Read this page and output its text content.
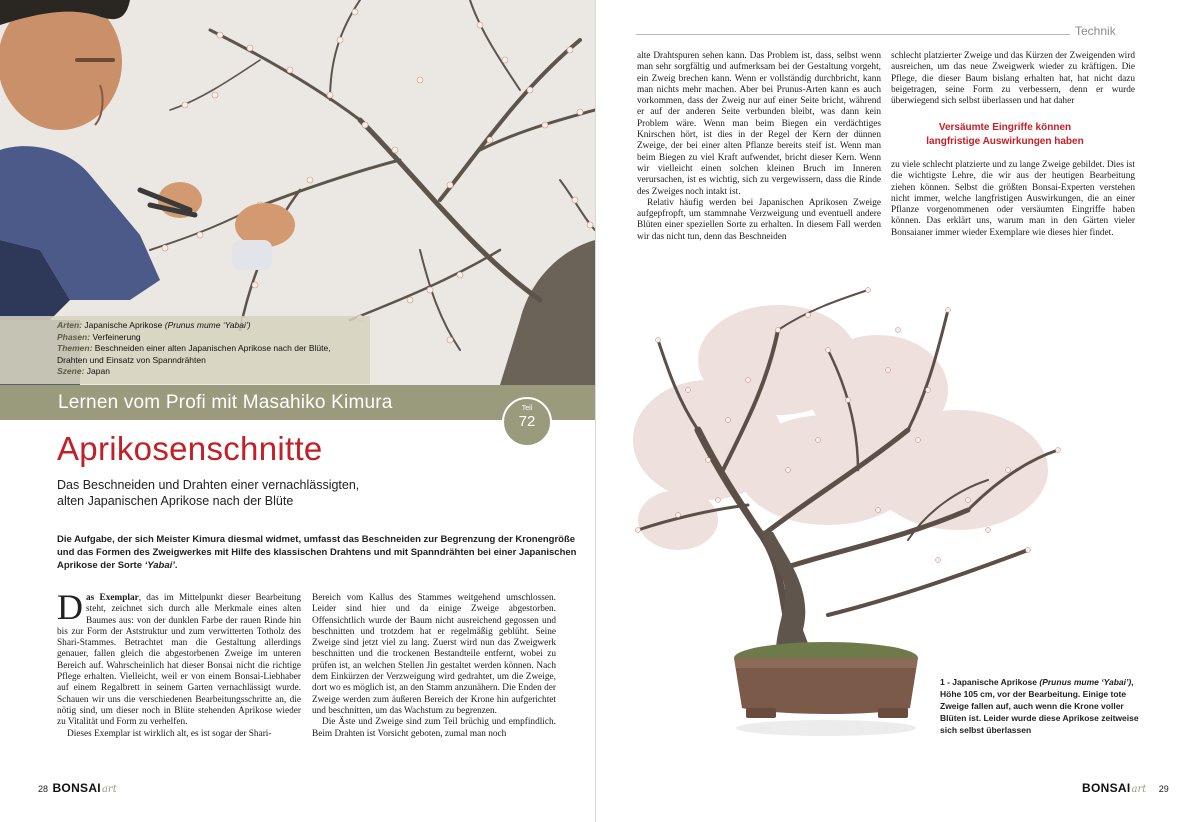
Arten: Japanische Aprikose (Prunus mume ‘Yabai’)
Phasen: Verfeinerung
Themen: Beschneiden einer alten Japanischen Aprikose nach der Blüte,
Drahten und Einsatz von Spanndrähten
Szene: Japan
Lernen vom Profi mit Masahiko Kimura	Teil
72
Aprikosenschnitte
Das Beschneiden und Drahten einer vernachlässigten,
alten Japanischen Aprikose nach der Blüte
Die Aufgabe, der sich Meister Kimura diesmal widmet, umfasst das Beschneiden zur Begrenzung der Kronengröße und das Formen des Zweigwerkes mit Hilfe des klassischen Drahtens und mit Spanndrähten bei einer Japanischen Aprikose der Sorte ‘Yabai’.

Das Exemplar, das im Mittelpunkt dieser Bearbeitung steht, zeichnet sich durch alle Merkmale eines alten Baumes aus: von der dunklen Farbe der rauen Rinde hin bis zur Form der Aststruktur und zum verwitterten Totholz des Shari-Stammes. Betrachtet man die Gestaltung allerdings genauer, fallen gleich die abgestorbenen Zweige im unteren Bereich auf. Wahrscheinlich hat dieser Bonsai nicht die richtige Pflege erhalten. Vielleicht, weil er von einem Bonsai-Liebhaber auf einem Regalbrett in seinem Garten vernachlässigt wurde. Schauen wir uns die verschiedenen Bearbeitungsschritte an, die nötig sind, um dieser noch in Blüte stehenden Aprikose wieder zu Vitalität und Form zu verhelfen.

Dieses Exemplar ist wirklich alt, es ist sogar der Shari-

Bereich vom Kallus des Stammes weitgehend umschlossen. Leider sind hier und da einige Zweige abgestorben. Offensichtlich wurde der Baum nicht ausreichend gegossen und beschnitten und trotzdem hat er regelmäßig geblüht. Seine Zweige sind jetzt viel zu lang. Zuerst wird nun das Zweigwerk beschnitten und die trockenen Bestandteile entfernt, wobei zu prüfen ist, an welchen Stellen Jin gestaltet werden können. Nach dem Einkürzen der Verzweigung wird gedrahtet, um die Zweige, dort wo es möglich ist, an den Stamm anzunähern. Die Enden der Zweige werden zum äußeren Bereich der Krone hin aufgerichtet und beschnitten, um das Wachstum zu begrenzen.

Die Äste und Zweige sind zum Teil brüchig und empfindlich. Beim Drahten ist Vorsicht geboten, zumal man noch

28 BONSAIart
Technik

alte Drahtspuren sehen kann. Das Problem ist, dass, selbst wenn man sehr sorgfältig und aufmerksam bei der Gestaltung vorgeht, ein Zweig brechen kann. Wenn er vollständig durchbricht, kann man nichts mehr machen. Aber bei Prunus-Arten kann es auch vorkommen, dass der Zweig nur auf einer Seite bricht, während er auf der anderen Seite verbunden bleibt, was dann kein Problem wäre. Wenn man beim Biegen ein verdächtiges Knirschen hört, ist dies in der Regel der Kern der dünnen Zweige, der bei einer alten Pflanze bereits steif ist. Wenn man beim Biegen zu viel Kraft aufwendet, bricht dieser Kern. Wenn wir vielleicht einen solchen kleinen Bruch im Inneren verursachen, ist es wichtig, sich zu vergewissern, dass die Rinde des Zweiges noch intakt ist.

Relativ häufig werden bei Japanischen Aprikosen Zweige aufgepfropft, um stammnahe Verzweigung und eventuell andere Blüten einer speziellen Sorte zu erhalten. In diesem Fall werden wir das nicht tun, denn das Beschneiden

schlecht platzierter Zweige und das Kürzen der Zweigenden wird ausreichen, um das neue Zweigwerk wieder zu kräftigen. Die Pflege, die dieser Baum bislang erhalten hat, hat nicht dazu beigetragen, seine Form zu verbessern, denn er wurde überwiegend sich selbst überlassen und hat daher

Versäumte Eingriffe können
langfristige Auswirkungen haben

zu viele schlecht platzierte und zu lange Zweige gebildet. Dies ist die wichtigste Lehre, die wir aus der heutigen Bearbeitung ziehen können. Selbst die größten Bonsai-Experten verstehen nicht immer, welche langfristigen Auswirkungen, die an einer Pflanze vorgenommenen oder versäumten Eingriffe haben können. Das erklärt uns, warum man in den Gärten vieler Bonsaianer immer wieder Exemplare wie dieses hier findet.

1 - Japanische Aprikose (Prunus mume ‘Yabai’), Höhe 105 cm, vor der Bearbeitung. Einige tote Zweige fallen auf, auch wenn die Krone voller Blüten ist. Leider wurde diese Aprikose zeitweise sich selbst überlassen
BONSAIart 29
